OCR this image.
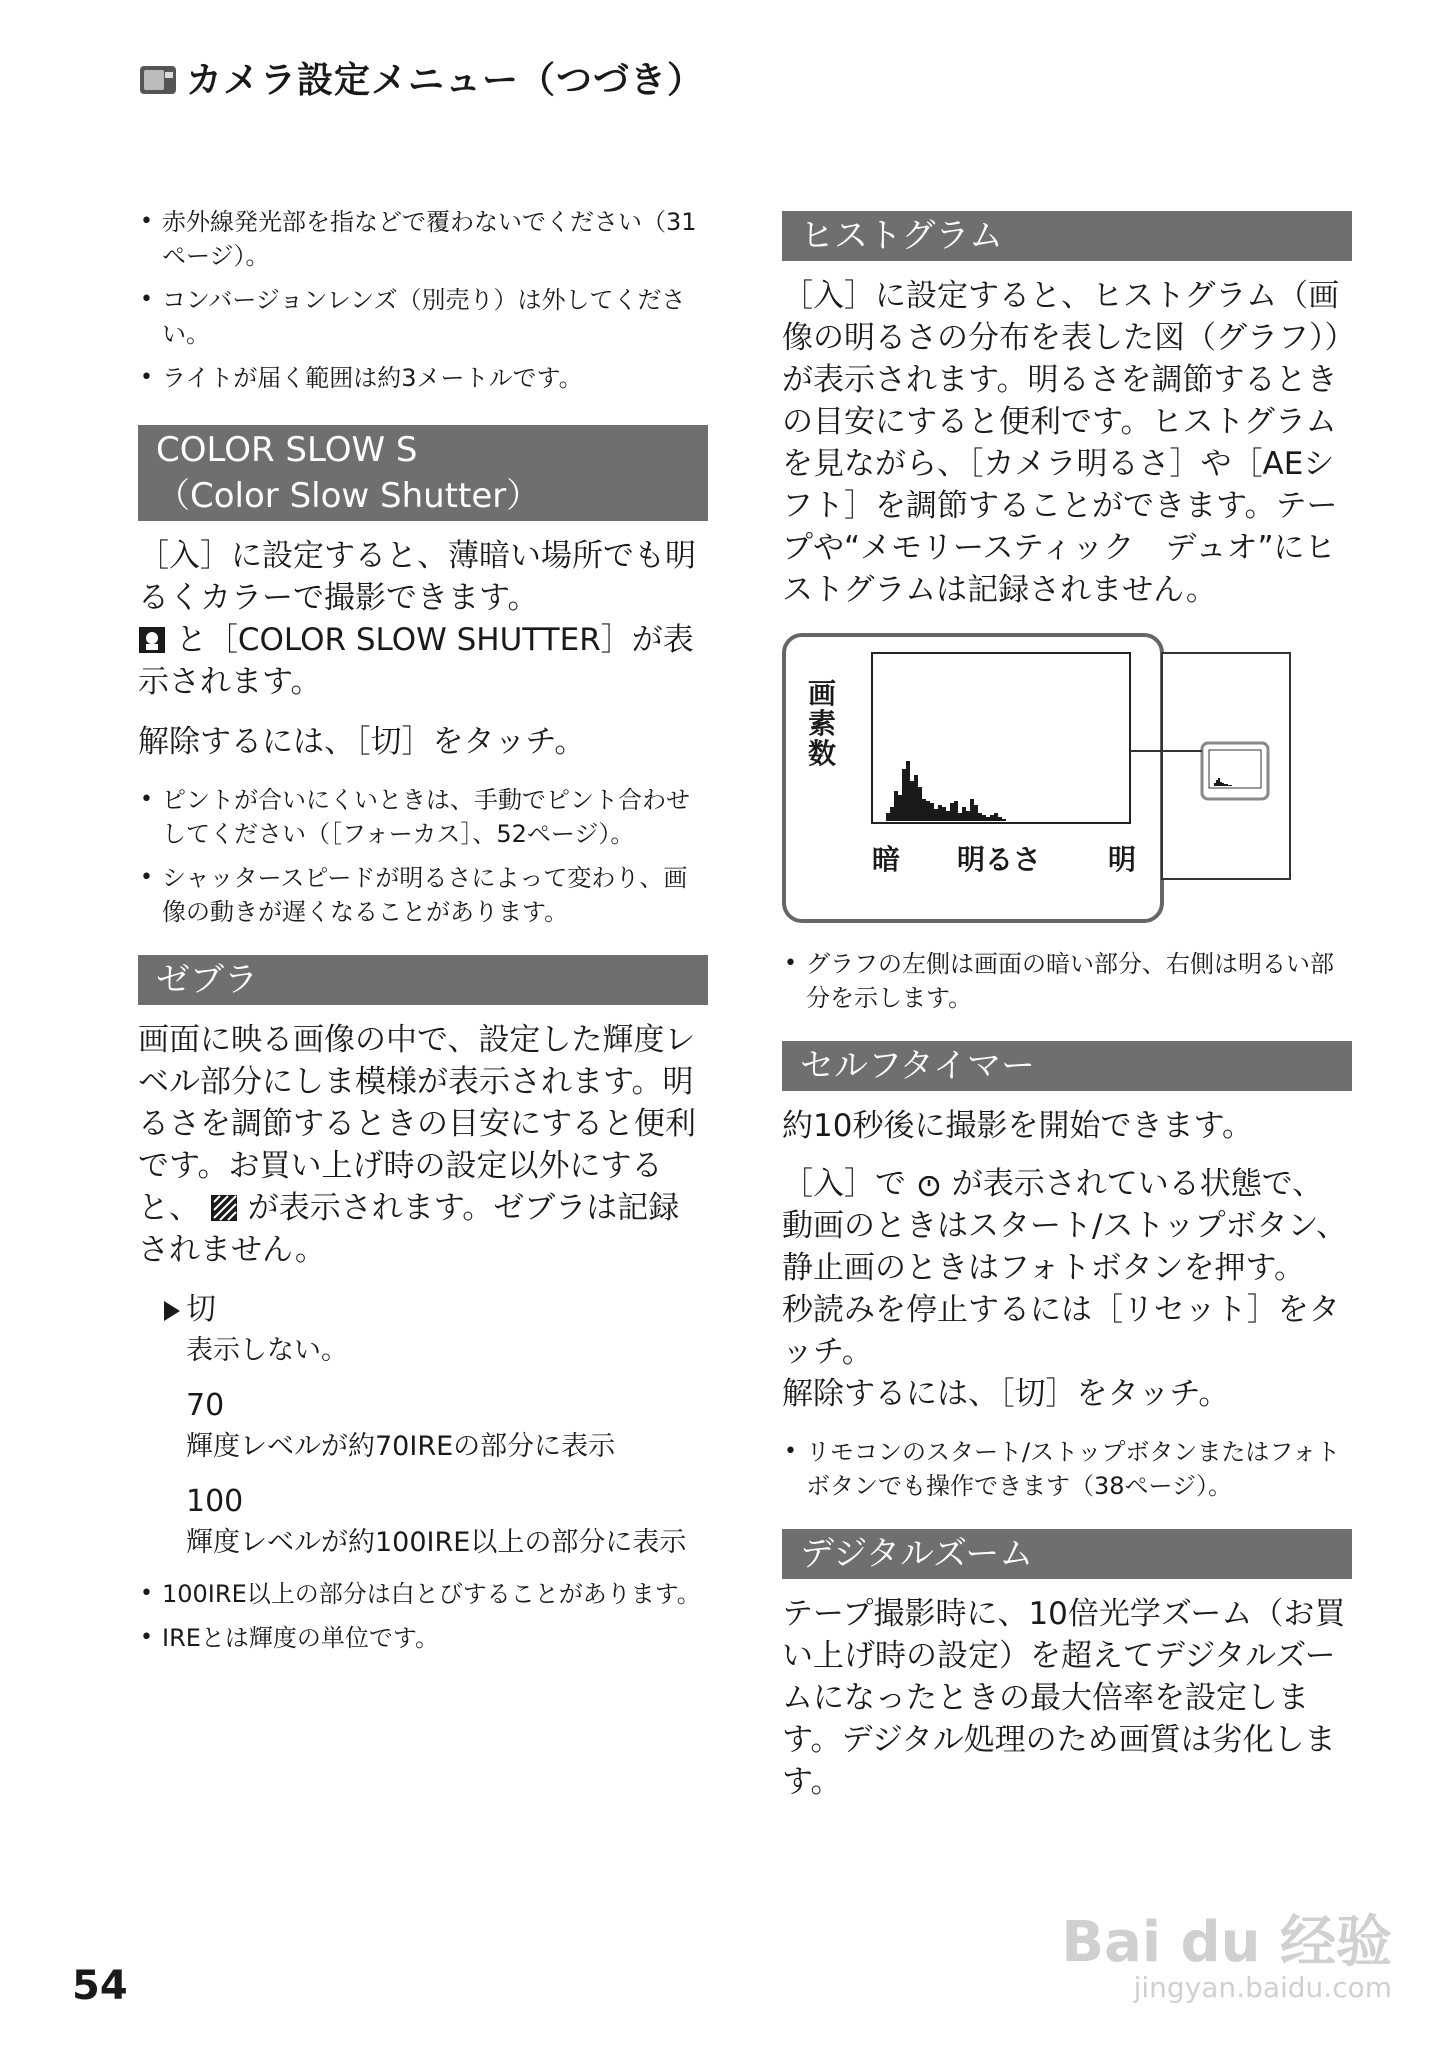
カメラ設定メニュー（つづき）
• 赤外線発光部を指などで覆わないでください（31ページ）。
• コンバージョンレンズ（別売り）は外してください。
• ライトが届く範囲は約3メートルです。
COLOR SLOW S
（Color Slow Shutter）

［入］に設定すると、薄暗い場所でも明るくカラーで撮影できます。
と［COLOR SLOW SHUTTER］が表示されます。

解除するには、［切］をタッチ。

• ピントが合いにくいときは、手動でピント合わせしてください（［フォーカス］、52ページ）。
• シャッタースピードが明るさによって変わり、画像の動きが遅くなることがあります。
ゼブラ

画面に映る画像の中で、設定した輝度レベル部分にしま模様が表示されます。明るさを調節するときの目安にすると便利です。お買い上げ時の設定以外にすると、 が表示されます。ゼブラは記録されません。

切
表示しない。
70
輝度レベルが約70IREの部分に表示
100
輝度レベルが約100IRE以上の部分に表示
• 100IRE以上の部分は白とびすることがあります。
• IREとは輝度の単位です。
ヒストグラム

［入］に設定すると、ヒストグラム（画像の明るさの分布を表した図（グラフ））が表示されます。明るさを調節するときの目安にすると便利です。ヒストグラムを見ながら、［カメラ明るさ］や［AEシフト］を調節することができます。テープや“メモリースティック　デュオ”にヒストグラムは記録されません。

暗 明るさ 明
画素数
• グラフの左側は画面の暗い部分、右側は明るい部分を示します。
セルフタイマー

約10秒後に撮影を開始できます。

［入］で が表示されている状態で、動画のときはスタート/ストップボタン、静止画のときはフォトボタンを押す。
秒読みを停止するには［リセット］をタッチ。
解除するには、［切］をタッチ。

• リモコンのスタート/ストップボタンまたはフォトボタンでも操作できます（38ページ）。
デジタルズーム

テープ撮影時に、10倍光学ズーム（お買い上げ時の設定）を超えてデジタルズームになったときの最大倍率を設定します。デジタル処理のため画質は劣化します。

54
Bai du 经验
jingyan.baidu.com
